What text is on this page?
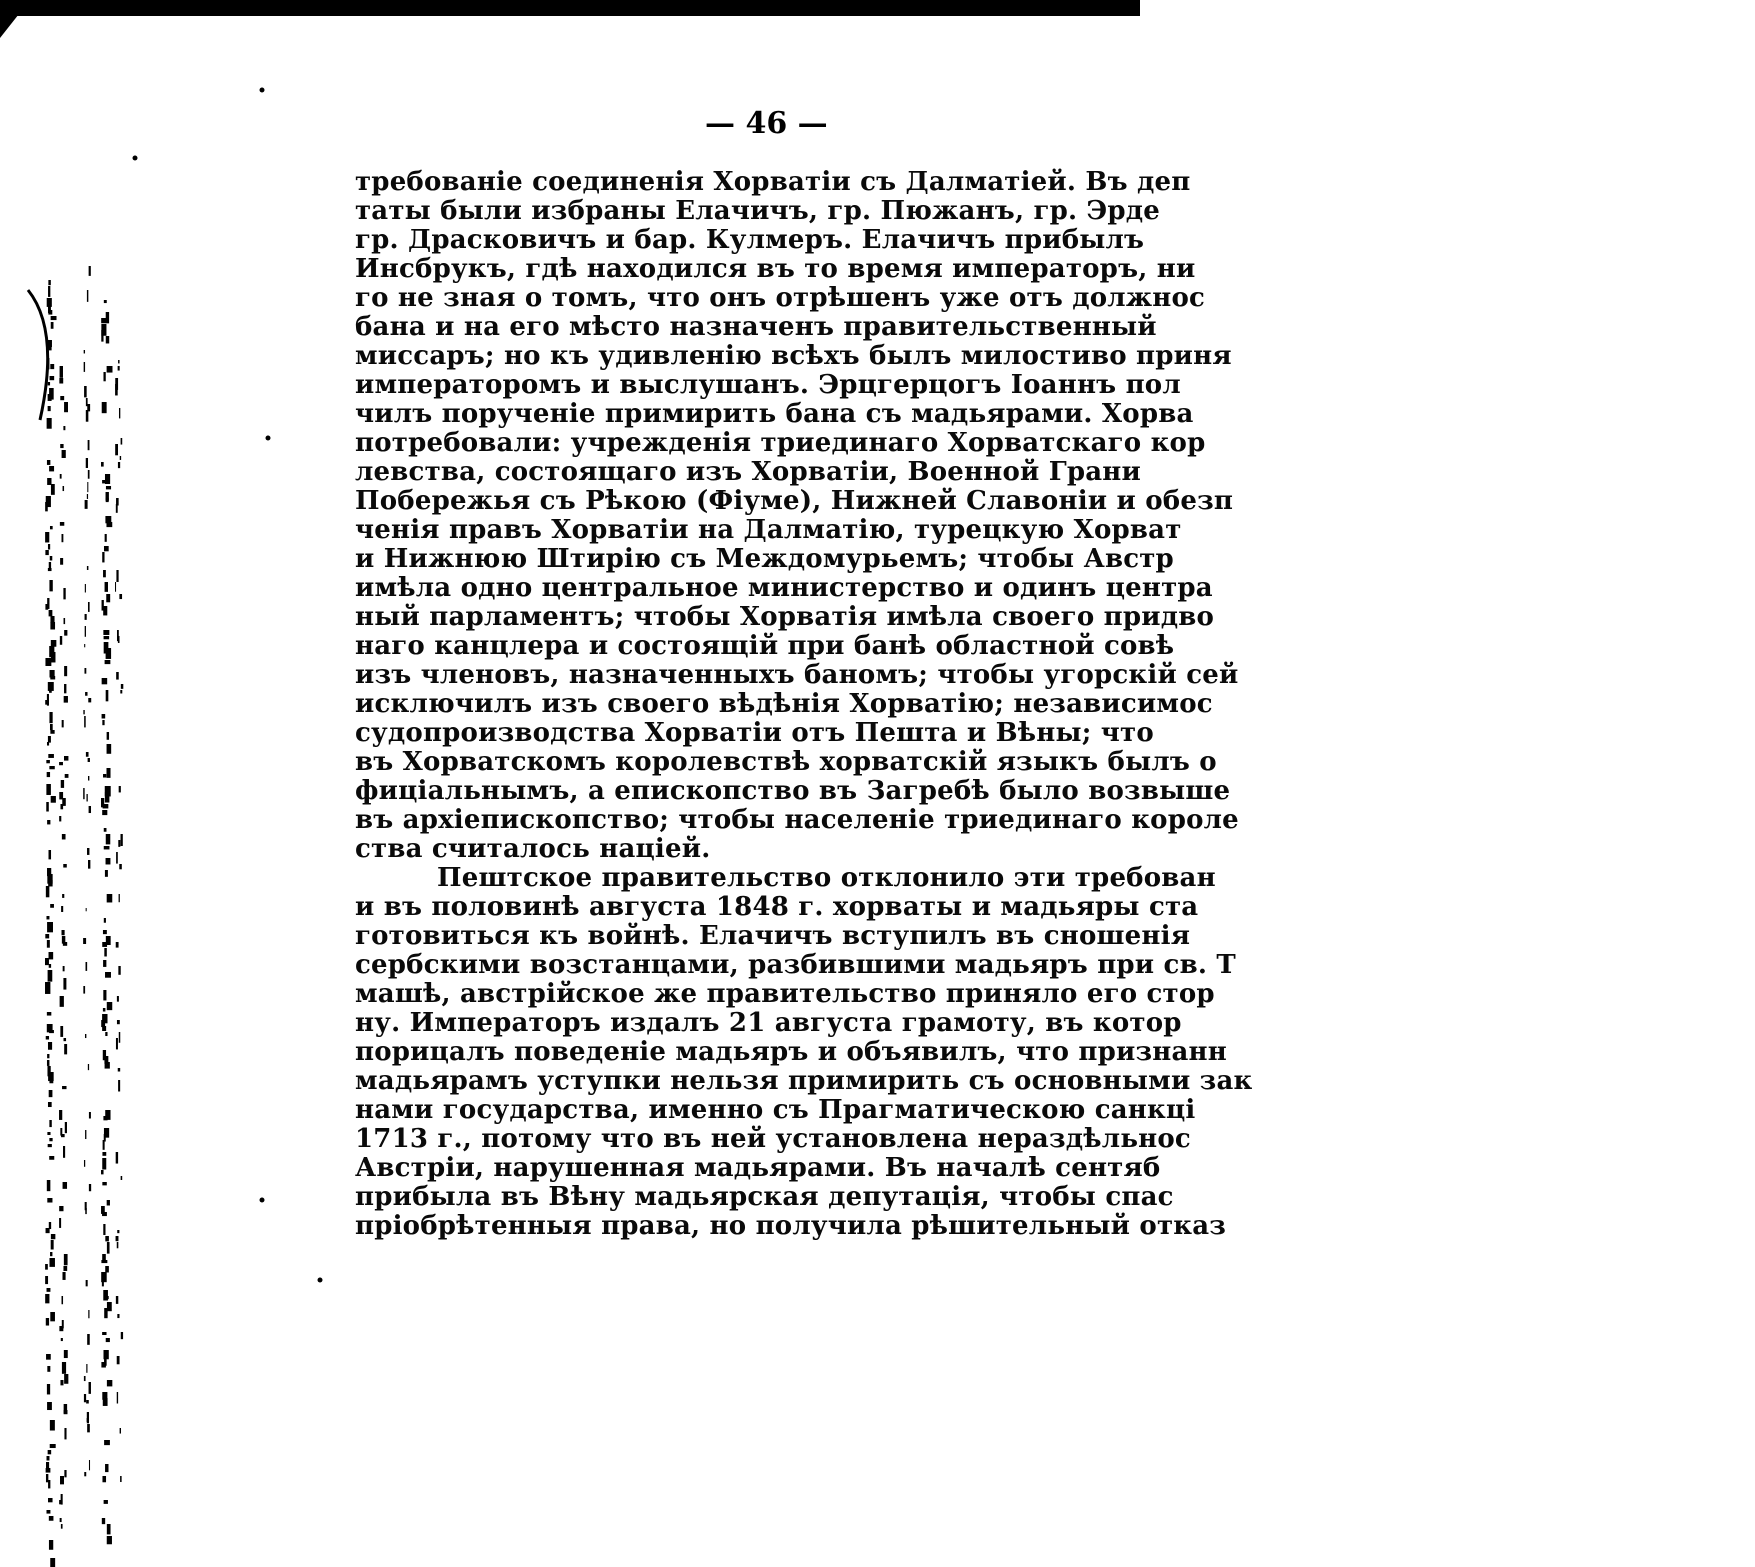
— 46 —
требованіе соединенія Хорватіи съ Далматіей. Въ деп
таты были избраны Елачичъ, гр. Пюжанъ, гр. Эрде
гр. Драсковичъ и бар. Кулмеръ. Елачичъ прибылъ
Инсбрукъ, гдѣ находился въ то время императоръ, ни
го не зная о томъ, что онъ отрѣшенъ уже отъ должнос
бана и на его мѣсто назначенъ правительственный
миссаръ; но къ удивленію всѣхъ былъ милостиво приня
императоромъ и выслушанъ. Эрцгерцогъ Іоаннъ пол
чилъ порученіе примирить бана съ мадьярами. Хорва
потребовали: учрежденія триединаго Хорватскаго кор
левства, состоящаго изъ Хорватіи, Военной Грани
Побережья съ Рѣкою (Фіуме), Нижней Славоніи и обезп
ченія правъ Хорватіи на Далматію, турецкую Хорват
и Нижнюю Штирію съ Междомурьемъ; чтобы Австр
имѣла одно центральное министерство и одинъ центра
ный парламентъ; чтобы Хорватія имѣла своего придво
наго канцлера и состоящій при банѣ областной совѣ
изъ членовъ, назначенныхъ баномъ; чтобы угорскій сей
исключилъ изъ своего вѣдѣнія Хорватію; независимос
судопроизводства Хорватіи отъ Пешта и Вѣны; что
въ Хорватскомъ королевствѣ хорватскій языкъ былъ о
фиціальнымъ, а епископство въ Загребѣ было возвыше
въ архіепископство; чтобы населеніе триединаго короле
ства считалось націей.
Пештское правительство отклонило эти требован
и въ половинѣ августа 1848 г. хорваты и мадьяры ста
готовиться къ войнѣ. Елачичъ вступилъ въ сношенія
сербскими возстанцами, разбившими мадьяръ при св. Т
машѣ, австрійское же правительство приняло его стор
ну. Императоръ издалъ 21 августа грамоту, въ котор
порицалъ поведеніе мадьяръ и объявилъ, что признанн
мадьярамъ уступки нельзя примирить съ основными зак
нами государства, именно съ Прагматическою санкці
1713 г., потому что въ ней установлена нераздѣльнос
Австріи, нарушенная мадьярами. Въ началѣ сентяб
прибыла въ Вѣну мадьярская депутація, чтобы спас
пріобрѣтенныя права, но получила рѣшительный отказ
